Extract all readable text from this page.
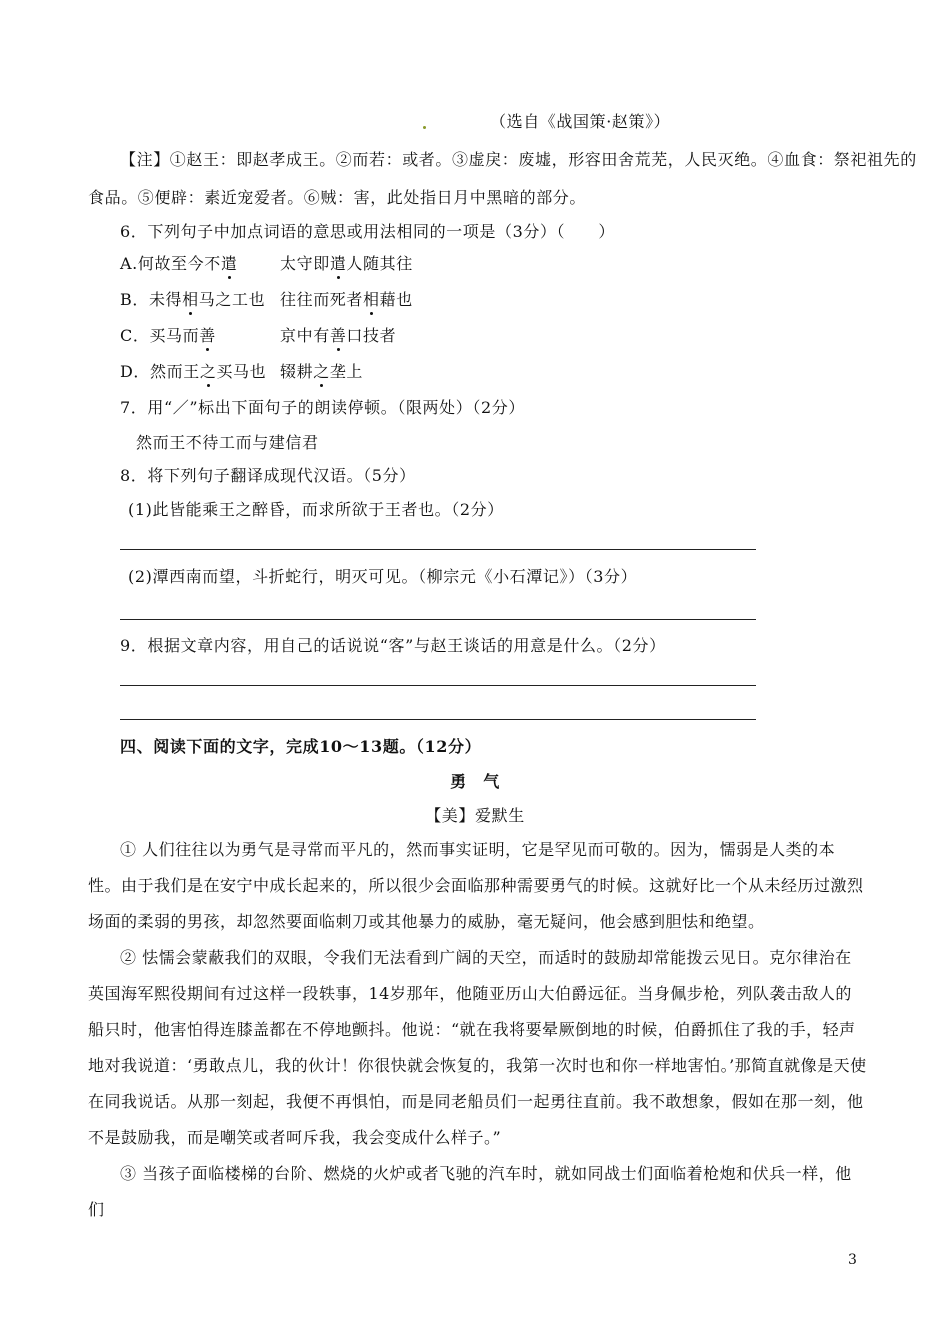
（选自《战国策·赵策》）
【注】①赵王：即赵孝成王。②而若：或者。③虚戾：废墟，形容田舍荒芜，人民灭绝。④血食：祭祀祖先的
食品。⑤便辟：素近宠爱者。⑥贼：害，此处指日月中黑暗的部分。
6．下列句子中加点词语的意思或用法相同的一项是（3分）（　　）
A.何故至今不遣	太守即遣人随其往
B．未得相马之工也 往往而死者相藉也
C．买马而善	京中有善口技者
D．然而王之买马也 辍耕之垄上
7．用“／”标出下面句子的朗读停顿。（限两处）（2分）
然而王不待工而与建信君
8．将下列句子翻译成现代汉语。（5分）
(1)此皆能乘王之醉昏，而求所欲于王者也。（2分）
(2)潭西南而望，斗折蛇行，明灭可见。（柳宗元《小石潭记》）（3分）
9．根据文章内容，用自己的话说说“客”与赵王谈话的用意是什么。（2分）
四、阅读下面的文字，完成10～13题。（12分）
勇　气
【美】爱默生

① 人们往往以为勇气是寻常而平凡的，然而事实证明，它是罕见而可敬的。因为，懦弱是人类的本性。由于我们是在安宁中成长起来的，所以很少会面临那种需要勇气的时候。这就好比一个从未经历过激烈场面的柔弱的男孩，却忽然要面临刺刀或其他暴力的威胁，毫无疑问，他会感到胆怯和绝望。

② 怯懦会蒙蔽我们的双眼，令我们无法看到广阔的天空，而适时的鼓励却常能拨云见日。克尔律治在英国海军熙役期间有过这样一段轶事，14岁那年，他随亚历山大伯爵远征。当身佩步枪，列队袭击敌人的船只时，他害怕得连膝盖都在不停地颤抖。他说：“就在我将要晕厥倒地的时候，伯爵抓住了我的手，轻声地对我说道：‘勇敢点儿，我的伙计！你很快就会恢复的，我第一次时也和你一样地害怕。’那简直就像是天使在同我说话。从那一刻起，我便不再惧怕，而是同老船员们一起勇往直前。我不敢想象，假如在那一刻，他不是鼓励我，而是嘲笑或者呵斥我，我会变成什么样子。”

③ 当孩子面临楼梯的台阶、燃烧的火炉或者飞驰的汽车时，就如同战士们面临着枪炮和伏兵一样，他们

3
